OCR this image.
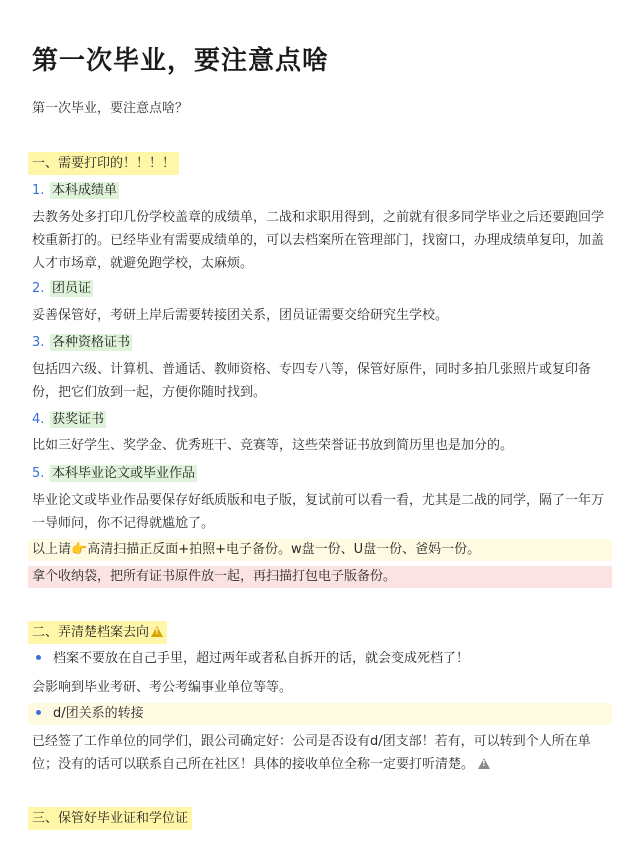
第一次毕业，要注意点啥
第一次毕业，要注意点啥？
一、需要打印的！！！！
1. 本科成绩单
去教务处多打印几份学校盖章的成绩单，二战和求职用得到，之前就有很多同学毕业之后还要跑回学校重新打的。已经毕业有需要成绩单的，可以去档案所在管理部门，找窗口，办理成绩单复印，加盖人才市场章，就避免跑学校，太麻烦。
2. 团员证
妥善保管好，考研上岸后需要转接团关系，团员证需要交给研究生学校。
3. 各种资格证书
包括四六级、计算机、普通话、教师资格、专四专八等，保管好原件，同时多拍几张照片或复印备份，把它们放到一起，方便你随时找到。
4. 获奖证书
比如三好学生、奖学金、优秀班干、竞赛等，这些荣誉证书放到简历里也是加分的。
5. 本科毕业论文或毕业作品
毕业论文或毕业作品要保存好纸质版和电子版，复试前可以看一看，尤其是二战的同学，隔了一年万一导师问，你不记得就尴尬了。
以上请👉高清扫描正反面+拍照+电子备份。w盘一份、U盘一份、爸妈一份。
拿个收纳袋，把所有证书原件放一起，再扫描打包电子版备份。
二、弄清楚档案去向!
档案不要放在自己手里，超过两年或者私自拆开的话，就会变成死档了！
会影响到毕业考研、考公考编事业单位等等。
d/团关系的转接
已经签了工作单位的同学们，跟公司确定好：公司是否设有d/团支部！若有，可以转到个人所在单位；没有的话可以联系自己所在社区！具体的接收单位全称一定要打听清楚。!
三、保管好毕业证和学位证
